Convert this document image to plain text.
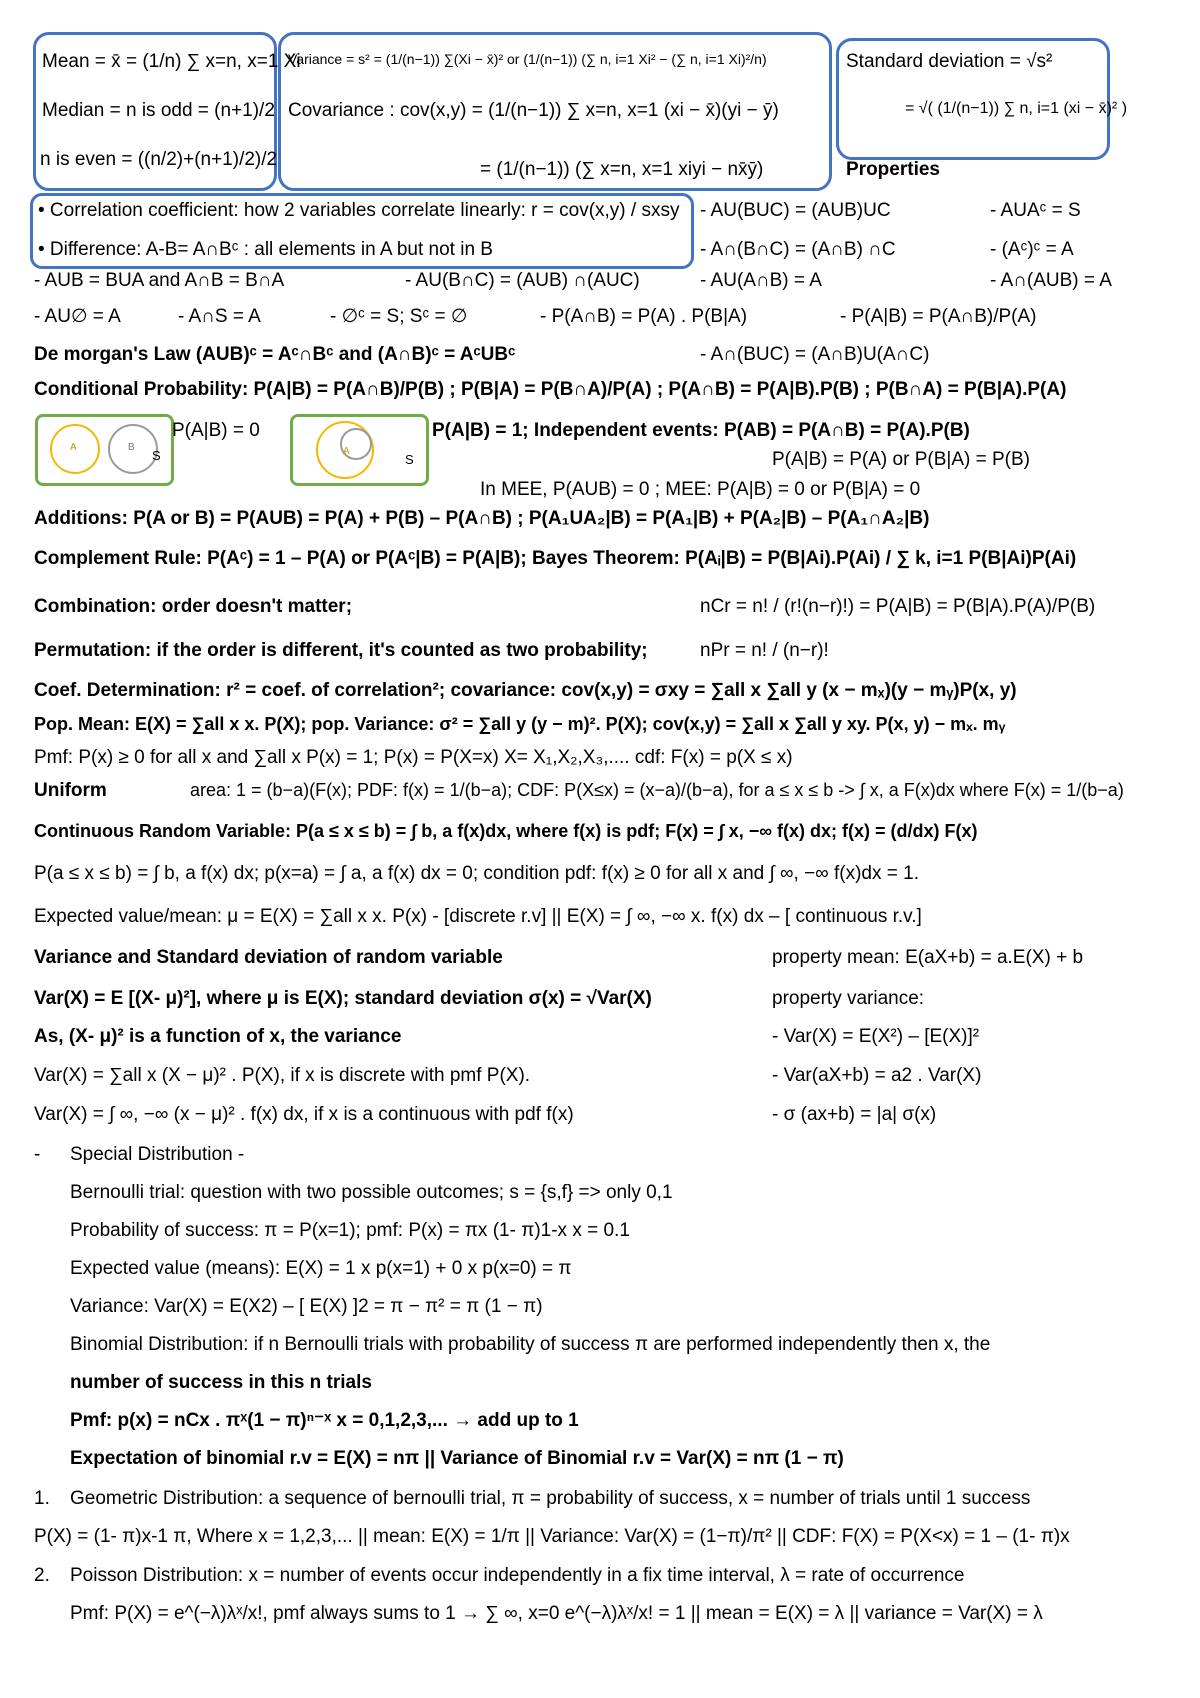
Mean = x̄ = (1/n) ∑ x=n, x=1 Xi
Median = n is odd = (n+1)/2
n is even = ((n/2)+(n+1)/2)/2
Variance = s² = (1/(n−1)) ∑(Xi − x̄)² or (1/(n−1)) (∑ n, i=1 Xi² − (∑ n, i=1 Xi)²/n)
Covariance : cov(x,y) = (1/(n−1)) ∑ x=n, x=1 (xi − x̄)(yi − ȳ)
= (1/(n−1)) (∑ x=n, x=1 xiyi − nx̄ȳ)
Standard deviation = √s²
= √( (1/(n−1)) ∑ n, i=1 (xi − x̄)² )
Properties
• Correlation coefficient: how 2 variables correlate linearly: r = cov(x,y) / sxsy
• Difference: A-B= A∩Bᶜ : all elements in A but not in B
- AU(BUC) = (AUB)UC	- AUAᶜ = S
- A∩(B∩C) = (A∩B) ∩C	- (Aᶜ)ᶜ = A
- AUB = BUA and A∩B = B∩A	- AU(B∩C) = (AUB) ∩(AUC)	- AU(A∩B) = A	- A∩(AUB) = A
- AU∅ = A	- A∩S = A	- ∅ᶜ = S; Sᶜ = ∅	- P(A∩B) = P(A) . P(B|A)	- P(A|B) = P(A∩B)/P(A)
De morgan's Law (AUB)ᶜ = Aᶜ∩Bᶜ and (A∩B)ᶜ = AᶜUBᶜ	- A∩(BUC) = (A∩B)U(A∩C)
Conditional Probability: P(A|B) = P(A∩B)/P(B) ; P(B|A) = P(B∩A)/P(A) ; P(A∩B) = P(A|B).P(B) ; P(B∩A) = P(B|A).P(A)
P(A|B) = 0	P(A|B) = 1; Independent events: P(AB) = P(A∩B) = P(A).P(B)
P(A|B) = P(A) or P(B|A) = P(B)
In MEE, P(AUB) = 0 ; MEE: P(A|B) = 0 or P(B|A) = 0
Additions: P(A or B) = P(AUB) = P(A) + P(B) – P(A∩B) ; P(A₁UA₂|B) = P(A₁|B) + P(A₂|B) – P(A₁∩A₂|B)
Complement Rule: P(Aᶜ) = 1 – P(A) or P(Aᶜ|B) = P(A|B); Bayes Theorem: P(Aᵢ|B) = P(B|Ai).P(Ai) / ∑ k, i=1 P(B|Ai)P(Ai)
Combination: order doesn't matter;	nCr = n! / (r!(n−r)!) = P(A|B) = P(B|A).P(A)/P(B)
Permutation: if the order is different, it's counted as two probability;	nPr = n! / (n−r)!
Coef. Determination: r² = coef. of correlation²; covariance: cov(x,y) = σxy = ∑all x ∑all y (x − mₓ)(y − mᵧ)P(x, y)
Pop. Mean: E(X) = ∑all x x. P(X); pop. Variance: σ² = ∑all y (y − m)². P(X); cov(x,y) = ∑all x ∑all y xy. P(x, y) − mₓ. mᵧ
Pmf: P(x) ≥ 0 for all x and ∑all x P(x) = 1; P(x) = P(X=x) X= X₁,X₂,X₃,.... cdf: F(x) = p(X ≤ x)
Uniform	area: 1 = (b−a)(F(x); PDF: f(x) = 1/(b−a); CDF: P(X≤x) = (x−a)/(b−a), for a ≤ x ≤ b -> ∫ x, a F(x)dx where F(x) = 1/(b−a)
Continuous Random Variable: P(a ≤ x ≤ b) = ∫ b, a f(x)dx, where f(x) is pdf; F(x) = ∫ x, −∞ f(x) dx; f(x) = (d/dx) F(x)
P(a ≤ x ≤ b) = ∫ b, a f(x) dx; p(x=a) = ∫ a, a f(x) dx = 0; condition pdf: f(x) ≥ 0 for all x and ∫ ∞, −∞ f(x)dx = 1.
Expected value/mean: μ = E(X) = ∑all x x. P(x) - [discrete r.v] || E(X) = ∫ ∞, −∞ x. f(x) dx – [ continuous r.v.]
Variance and Standard deviation of random variable	property mean: E(aX+b) = a.E(X) + b
Var(X) = E [(X- μ)²], where μ is E(X); standard deviation σ(x) = √Var(X)	property variance:
As, (X- μ)² is a function of x, the variance	- Var(X) = E(X²) – [E(X)]²
Var(X) = ∑all x (X − μ)² . P(X), if x is discrete with pmf P(X).	- Var(aX+b) = a2 . Var(X)
Var(X) = ∫ ∞, −∞ (x − μ)² . f(x) dx, if x is a continuous with pdf f(x)	- σ (ax+b) = |a| σ(x)
- Special Distribution -
Bernoulli trial: question with two possible outcomes; s = {s,f} => only 0,1
Probability of success: π = P(x=1); pmf: P(x) = πx (1- π)1-x x = 0.1
Expected value (means): E(X) = 1 x p(x=1) + 0 x p(x=0) = π
Variance: Var(X) = E(X2) – [ E(X) ]2 = π − π² = π (1 − π)
Binomial Distribution: if n Bernoulli trials with probability of success π are performed independently then x, the
number of success in this n trials
Pmf: p(x) = nCx . πˣ(1 − π)ⁿ⁻ˣ x = 0,1,2,3,... → add up to 1
Expectation of binomial r.v = E(X) = nπ || Variance of Binomial r.v = Var(X) = nπ (1 − π)
1. Geometric Distribution: a sequence of bernoulli trial, π = probability of success, x = number of trials until 1 success
P(X) = (1- π)x-1 π, Where x = 1,2,3,... || mean: E(X) = 1/π || Variance: Var(X) = (1−π)/π² || CDF: F(X) = P(X<x) = 1 – (1- π)x
2. Poisson Distribution: x = number of events occur independently in a fix time interval, λ = rate of occurrence
Pmf: P(X) = e^(−λ)λˣ/x!, pmf always sums to 1 → ∑ ∞, x=0 e^(−λ)λˣ/x! = 1 || mean = E(X) = λ || variance = Var(X) = λ
A	B
S	A
S
